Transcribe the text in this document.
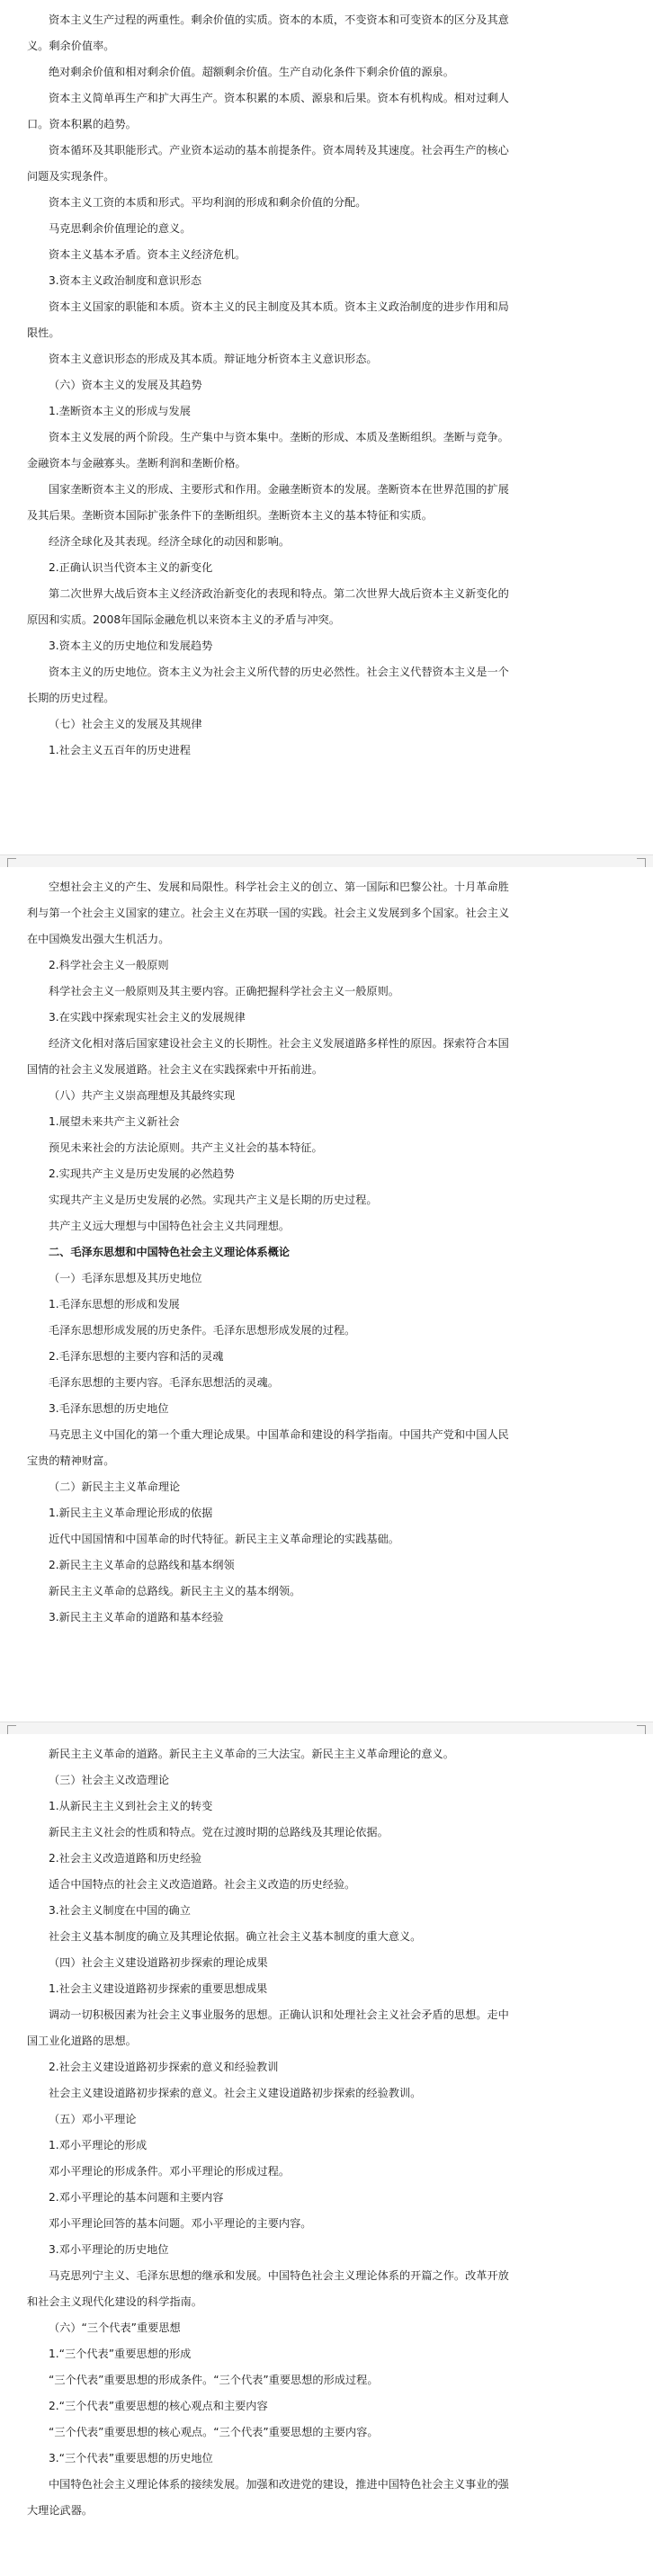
资本主义生产过程的两重性。剩余价值的实质。资本的本质，不变资本和可变资本的区分及其意

义。剩余价值率。

绝对剩余价值和相对剩余价值。超额剩余价值。生产自动化条件下剩余价值的源泉。

资本主义简单再生产和扩大再生产。资本积累的本质、源泉和后果。资本有机构成。相对过剩人

口。资本积累的趋势。

资本循环及其职能形式。产业资本运动的基本前提条件。资本周转及其速度。社会再生产的核心

问题及实现条件。

资本主义工资的本质和形式。平均利润的形成和剩余价值的分配。

马克思剩余价值理论的意义。

资本主义基本矛盾。资本主义经济危机。

3.资本主义政治制度和意识形态

资本主义国家的职能和本质。资本主义的民主制度及其本质。资本主义政治制度的进步作用和局

限性。

资本主义意识形态的形成及其本质。辩证地分析资本主义意识形态。

（六）资本主义的发展及其趋势

1.垄断资本主义的形成与发展

资本主义发展的两个阶段。生产集中与资本集中。垄断的形成、本质及垄断组织。垄断与竞争。

金融资本与金融寡头。垄断利润和垄断价格。

国家垄断资本主义的形成、主要形式和作用。金融垄断资本的发展。垄断资本在世界范围的扩展

及其后果。垄断资本国际扩张条件下的垄断组织。垄断资本主义的基本特征和实质。

经济全球化及其表现。经济全球化的动因和影响。

2.正确认识当代资本主义的新变化

第二次世界大战后资本主义经济政治新变化的表现和特点。第二次世界大战后资本主义新变化的

原因和实质。2008年国际金融危机以来资本主义的矛盾与冲突。

3.资本主义的历史地位和发展趋势

资本主义的历史地位。资本主义为社会主义所代替的历史必然性。社会主义代替资本主义是一个

长期的历史过程。

（七）社会主义的发展及其规律

1.社会主义五百年的历史进程

空想社会主义的产生、发展和局限性。科学社会主义的创立、第一国际和巴黎公社。十月革命胜

利与第一个社会主义国家的建立。社会主义在苏联一国的实践。社会主义发展到多个国家。社会主义

在中国焕发出强大生机活力。

2.科学社会主义一般原则

科学社会主义一般原则及其主要内容。正确把握科学社会主义一般原则。

3.在实践中探索现实社会主义的发展规律

经济文化相对落后国家建设社会主义的长期性。社会主义发展道路多样性的原因。探索符合本国

国情的社会主义发展道路。社会主义在实践探索中开拓前进。

（八）共产主义崇高理想及其最终实现

1.展望未来共产主义新社会

预见未来社会的方法论原则。共产主义社会的基本特征。

2.实现共产主义是历史发展的必然趋势

实现共产主义是历史发展的必然。实现共产主义是长期的历史过程。

共产主义远大理想与中国特色社会主义共同理想。

二、毛泽东思想和中国特色社会主义理论体系概论

（一）毛泽东思想及其历史地位

1.毛泽东思想的形成和发展

毛泽东思想形成发展的历史条件。毛泽东思想形成发展的过程。

2.毛泽东思想的主要内容和活的灵魂

毛泽东思想的主要内容。毛泽东思想活的灵魂。

3.毛泽东思想的历史地位

马克思主义中国化的第一个重大理论成果。中国革命和建设的科学指南。中国共产党和中国人民

宝贵的精神财富。

（二）新民主主义革命理论

1.新民主主义革命理论形成的依据

近代中国国情和中国革命的时代特征。新民主主义革命理论的实践基础。

2.新民主主义革命的总路线和基本纲领

新民主主义革命的总路线。新民主主义的基本纲领。

3.新民主主义革命的道路和基本经验

新民主主义革命的道路。新民主主义革命的三大法宝。新民主主义革命理论的意义。

（三）社会主义改造理论

1.从新民主主义到社会主义的转变

新民主主义社会的性质和特点。党在过渡时期的总路线及其理论依据。

2.社会主义改造道路和历史经验

适合中国特点的社会主义改造道路。社会主义改造的历史经验。

3.社会主义制度在中国的确立

社会主义基本制度的确立及其理论依据。确立社会主义基本制度的重大意义。

（四）社会主义建设道路初步探索的理论成果

1.社会主义建设道路初步探索的重要思想成果

调动一切积极因素为社会主义事业服务的思想。正确认识和处理社会主义社会矛盾的思想。走中

国工业化道路的思想。

2.社会主义建设道路初步探索的意义和经验教训

社会主义建设道路初步探索的意义。社会主义建设道路初步探索的经验教训。

（五）邓小平理论

1.邓小平理论的形成

邓小平理论的形成条件。邓小平理论的形成过程。

2.邓小平理论的基本问题和主要内容

邓小平理论回答的基本问题。邓小平理论的主要内容。

3.邓小平理论的历史地位

马克思列宁主义、毛泽东思想的继承和发展。中国特色社会主义理论体系的开篇之作。改革开放

和社会主义现代化建设的科学指南。

（六）“三个代表”重要思想

1.“三个代表”重要思想的形成

“三个代表”重要思想的形成条件。“三个代表”重要思想的形成过程。

2.“三个代表”重要思想的核心观点和主要内容

“三个代表”重要思想的核心观点。“三个代表”重要思想的主要内容。

3.“三个代表”重要思想的历史地位

中国特色社会主义理论体系的接续发展。加强和改进党的建设，推进中国特色社会主义事业的强

大理论武器。
